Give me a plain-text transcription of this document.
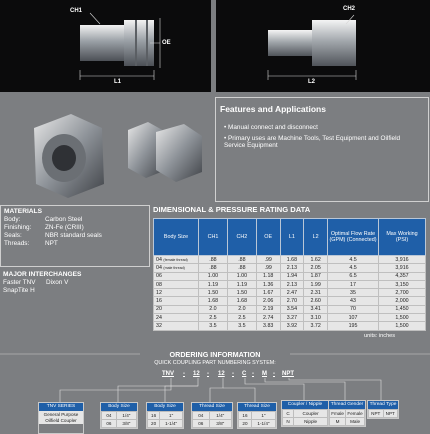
CH1
OE
L1
CH2
L2
Features and Applications
• Manual connect and disconnect
• Primary uses are Machine Tools, Test Equipment and Oilfield Service Equipment
MATERIALS
Body:	Carbon Steel
Finishing:	ZN-Fe (CRIII)
Seals:	NBR standard seals
Threads:	NPT
MAJOR INTERCHANGES
Faster TNV	Dixon V
SnapTite H
DIMENSIONAL & PRESSURE RATING DATA
Body Size	CH1	CH2	OE	L1	L2	Optimal Flow Rate (GPM) (Connected)	Max Working (PSI)
04 (female thread)	.88	.88	.99	1.68	1.62	4.5	3,916
04 (male thread)	.88	.88	.99	2.13	2.05	4.5	3,916
06	1.00	1.00	1.18	1.94	1.87	6.5	4,357
08	1.19	1.19	1.36	2.13	1.99	17	3,150
12	1.50	1.50	1.67	2.47	2.31	35	2,700
16	1.68	1.68	2.06	2.70	2.60	43	2,000
20	2.0	2.0	2.19	3.54	3.41	70	1,450
24	2.5	2.5	2.74	3.27	3.10	107	1,500
32	3.5	3.5	3.83	3.92	3.72	195	1,500
units: inches
ORDERING INFORMATION
QUICK COUPLING PART NUMBERING SYSTEM:
TNV - 12 - 12 - C - M - NPT
TNV SERIES
General Purpose Oilfield Coupler
Body Size
04	1/4"
06	3/8"
Body Size
16	1"
20	1-1/4"
Thread Size
04	1/4"
06	3/8"
Thread Size
16	1"
20	1-1/4"
Coupler / Nipple
C	Coupler
N	Nipple
Thread Gender
Fmale	Female
M	Male
Thread Type
NPT	NPT
